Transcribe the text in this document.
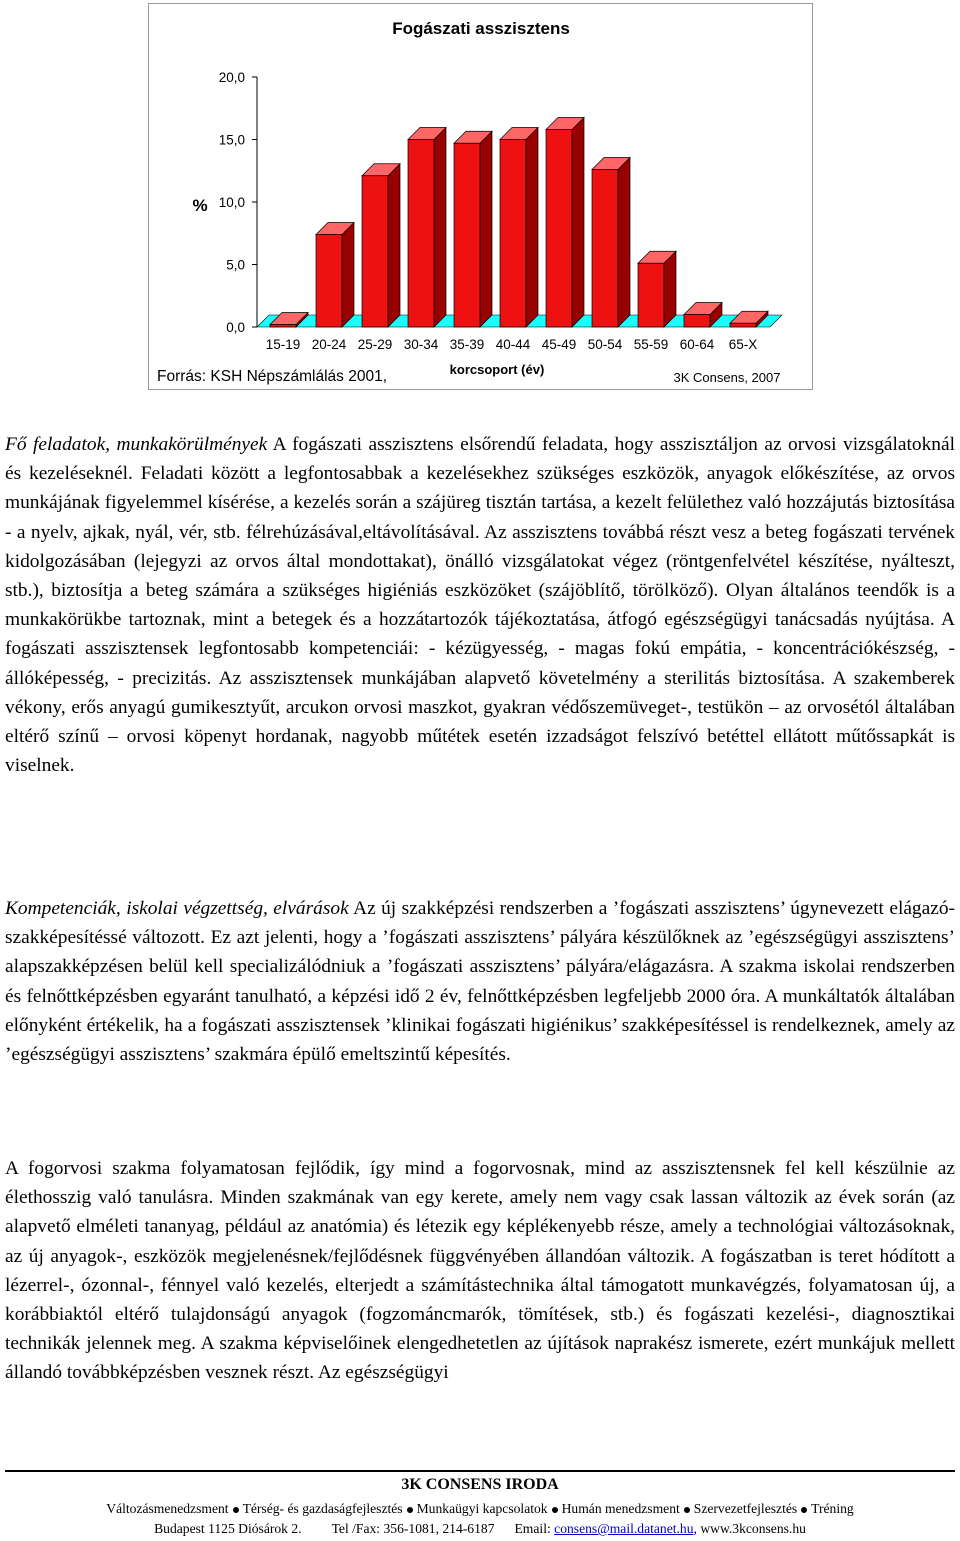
Fogászati asszisztens
%
0,0
5,0
10,0
15,0
20,0
15-19 20-24 25-29 30-34 35-39 40-44 45-49 50-54 55-59 60-64 65-X
Forrás: KSH Népszámlálás 2001,	korcsoport (év)
3K Consens, 2007

Fő feladatok, munkakörülmények A fogászati asszisztens elsőrendű feladata, hogy asszisztáljon az orvosi vizsgálatoknál és kezeléseknél. Feladati között a legfontosabbak a kezelésekhez szükséges eszközök, anyagok előkészítése, az orvos munkájának figyelemmel kísérése, a kezelés során a szájüreg tisztán tartása, a kezelt felülethez való hozzájutás biztosítása - a nyelv, ajkak, nyál, vér, stb. félrehúzásával,eltávolításával. Az asszisztens továbbá részt vesz a beteg fogászati tervének kidolgozásában (lejegyzi az orvos által mondottakat), önálló vizsgálatokat végez (röntgenfelvétel készítése, nyálteszt, stb.), biztosítja a beteg számára a szükséges higiéniás eszközöket (szájöblítő, törölköző). Olyan általános teendők is a munkakörükbe tartoznak, mint a betegek és a hozzátartozók tájékoztatása, átfogó egészségügyi tanácsadás nyújtása. A fogászati asszisztensek legfontosabb kompetenciái: - kézügyesség, - magas fokú empátia, - koncentrációkészség, - állóképesség, - precizitás. Az asszisztensek munkájában alapvető követelmény a sterilitás biztosítása. A szakemberek vékony, erős anyagú gumikesztyűt, arcukon orvosi maszkot, gyakran védőszemüveget-, testükön – az orvosétól általában eltérő színű – orvosi köpenyt hordanak, nagyobb műtétek esetén izzadságot felszívó betéttel ellátott műtőssapkát is viselnek.

Kompetenciák, iskolai végzettség, elvárások Az új szakképzési rendszerben a ’fogászati asszisztens’ úgynevezett elágazó-szakképesítéssé változott. Ez azt jelenti, hogy a ’fogászati asszisztens’ pályára készülőknek az ’egészségügyi asszisztens’ alapszakképzésen belül kell specializálódniuk a ’fogászati asszisztens’ pályára/elágazásra. A szakma iskolai rendszerben és felnőttképzésben egyaránt tanulható, a képzési idő 2 év, felnőttképzésben legfeljebb 2000 óra. A munkáltatók általában előnyként értékelik, ha a fogászati asszisztensek ’klinikai fogászati higiénikus’ szakképesítéssel is rendelkeznek, amely az ’egészségügyi asszisztens’ szakmára épülő emeltszintű képesítés.

A fogorvosi szakma folyamatosan fejlődik, így mind a fogorvosnak, mind az asszisztensnek fel kell készülnie az élethosszig való tanulásra. Minden szakmának van egy kerete, amely nem vagy csak lassan változik az évek során (az alapvető elméleti tananyag, például az anatómia) és létezik egy képlékenyebb része, amely a technológiai változásoknak, az új anyagok-, eszközök megjelenésnek/fejlődésnek függvényében állandóan változik. A fogászatban is teret hódított a lézerrel-, ózonnal-, fénnyel való kezelés, elterjedt a számítástechnika által támogatott munkavégzés, folyamatosan új, a korábbiaktól eltérő tulajdonságú anyagok (fogzománcmarók, tömítések, stb.) és fogászati kezelési-, diagnosztikai technikák jelennek meg. A szakma képviselőinek elengedhetetlen az újítások naprakész ismerete, ezért munkájuk mellett állandó továbbképzésben vesznek részt. Az egészségügyi

3K CONSENS IRODA
Változásmenedzsment Térség- és gazdaságfejlesztés Munkaügyi kapcsolatok Humán menedzsment Szervezetfejlesztés Tréning
Budapest 1125 Diósárok 2. Tel /Fax: 356-1081, 214-6187 Email: consens@mail.datanet.hu, www.3kconsens.hu
